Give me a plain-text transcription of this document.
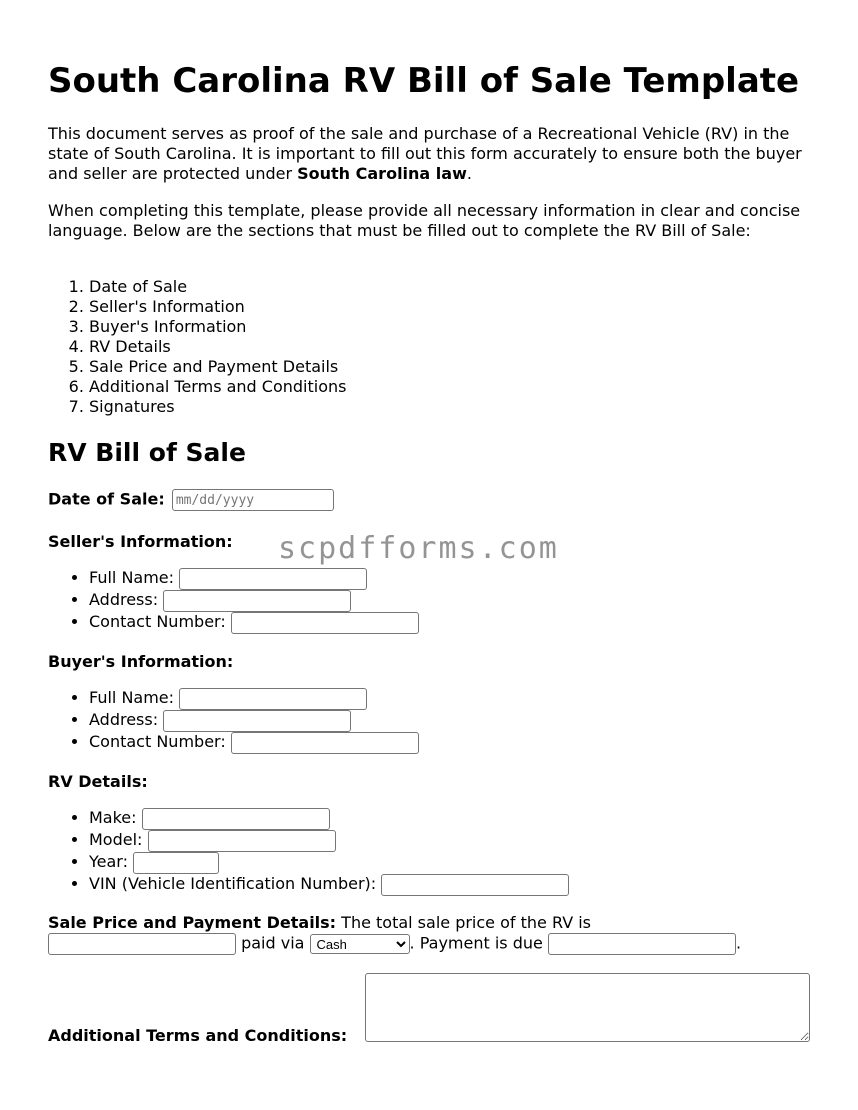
South Carolina RV Bill of Sale Template

This document serves as proof of the sale and purchase of a Recreational Vehicle (RV) in the state of South Carolina. It is important to fill out this form accurately to ensure both the buyer and seller are protected under South Carolina law.

When completing this template, please provide all necessary information in clear and concise language. Below are the sections that must be filled out to complete the RV Bill of Sale:

1. Date of Sale
2. Seller's Information
3. Buyer's Information
4. RV Details
5. Sale Price and Payment Details
6. Additional Terms and Conditions
7. Signatures
RV Bill of Sale
Date of Sale: mm/dd/yyyy
Seller's Information:
• Full Name:
• Address:
• Contact Number:
Buyer's Information:
• Full Name:
• Address:
• Contact Number:
RV Details:
• Make:
• Model:
• Year:
• VIN (Vehicle Identification Number):
Sale Price and Payment Details: The total sale price of the RV is
paid via
Cash	. Payment is due	.
Additional Terms and Conditions:
scpdfforms.com
